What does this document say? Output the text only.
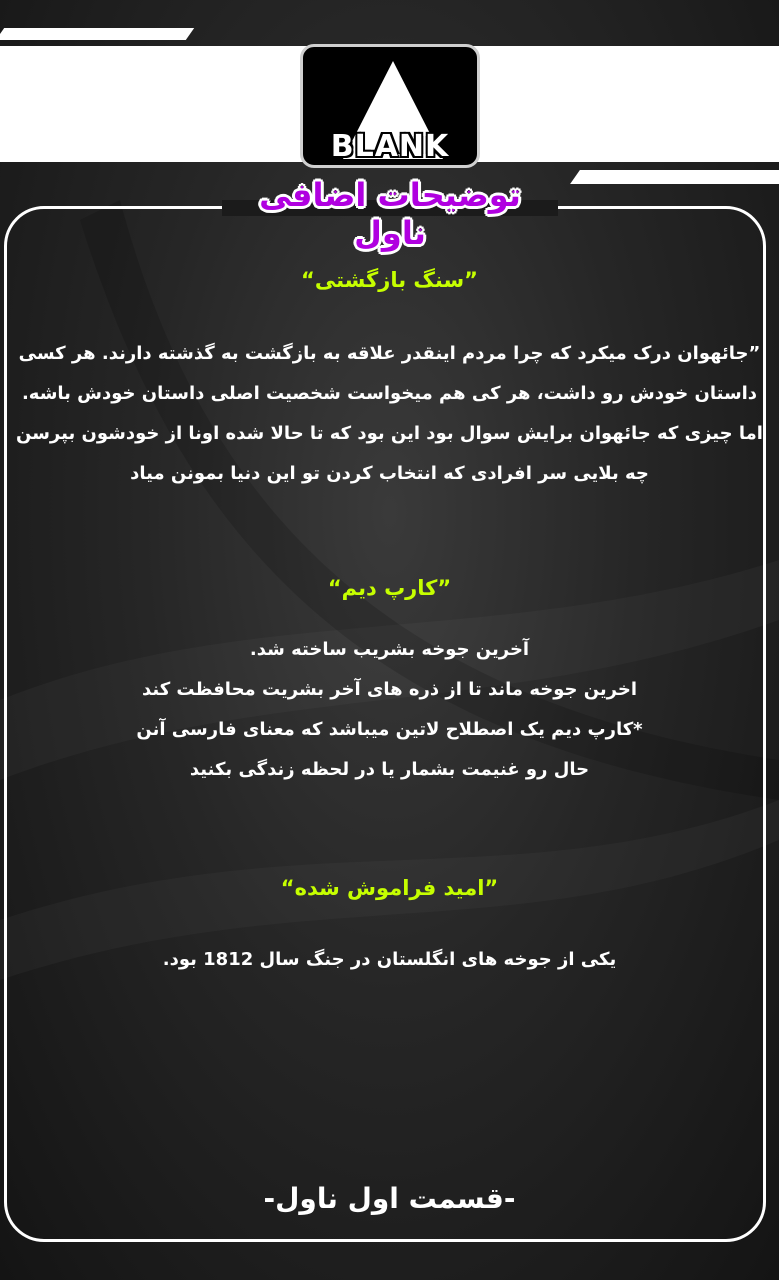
BLANK
توضیحات اضافی ناول
”سنگ بازگشتی“
”جائهوان درک میکرد که چرا مردم اینقدر علاقه به بازگشت به گذشته دارند. هر کسی
داستان خودش رو داشت، هر کی هم میخواست شخصیت اصلی داستان خودش باشه.
اما چیزی که جائهوان برایش سوال بود این بود که تا حالا شده اونا از خودشون بپرسن
چه بلایی سر افرادی که انتخاب کردن تو این دنیا بمونن میاد
”کارپ دیم“
آخرین جوخه بشریب ساخته شد.
اخرین جوخه ماند تا از ذره های آخر بشریت محافظت کند
*کارپ دیم یک اصطلاح لاتین میباشد که معنای فارسی آنن
حال رو غنیمت بشمار یا در لحظه زندگی بکنید
”امید فراموش شده“
یکی از جوخه های انگلستان در جنگ سال 1812 بود.
-قسمت اول ناول-
